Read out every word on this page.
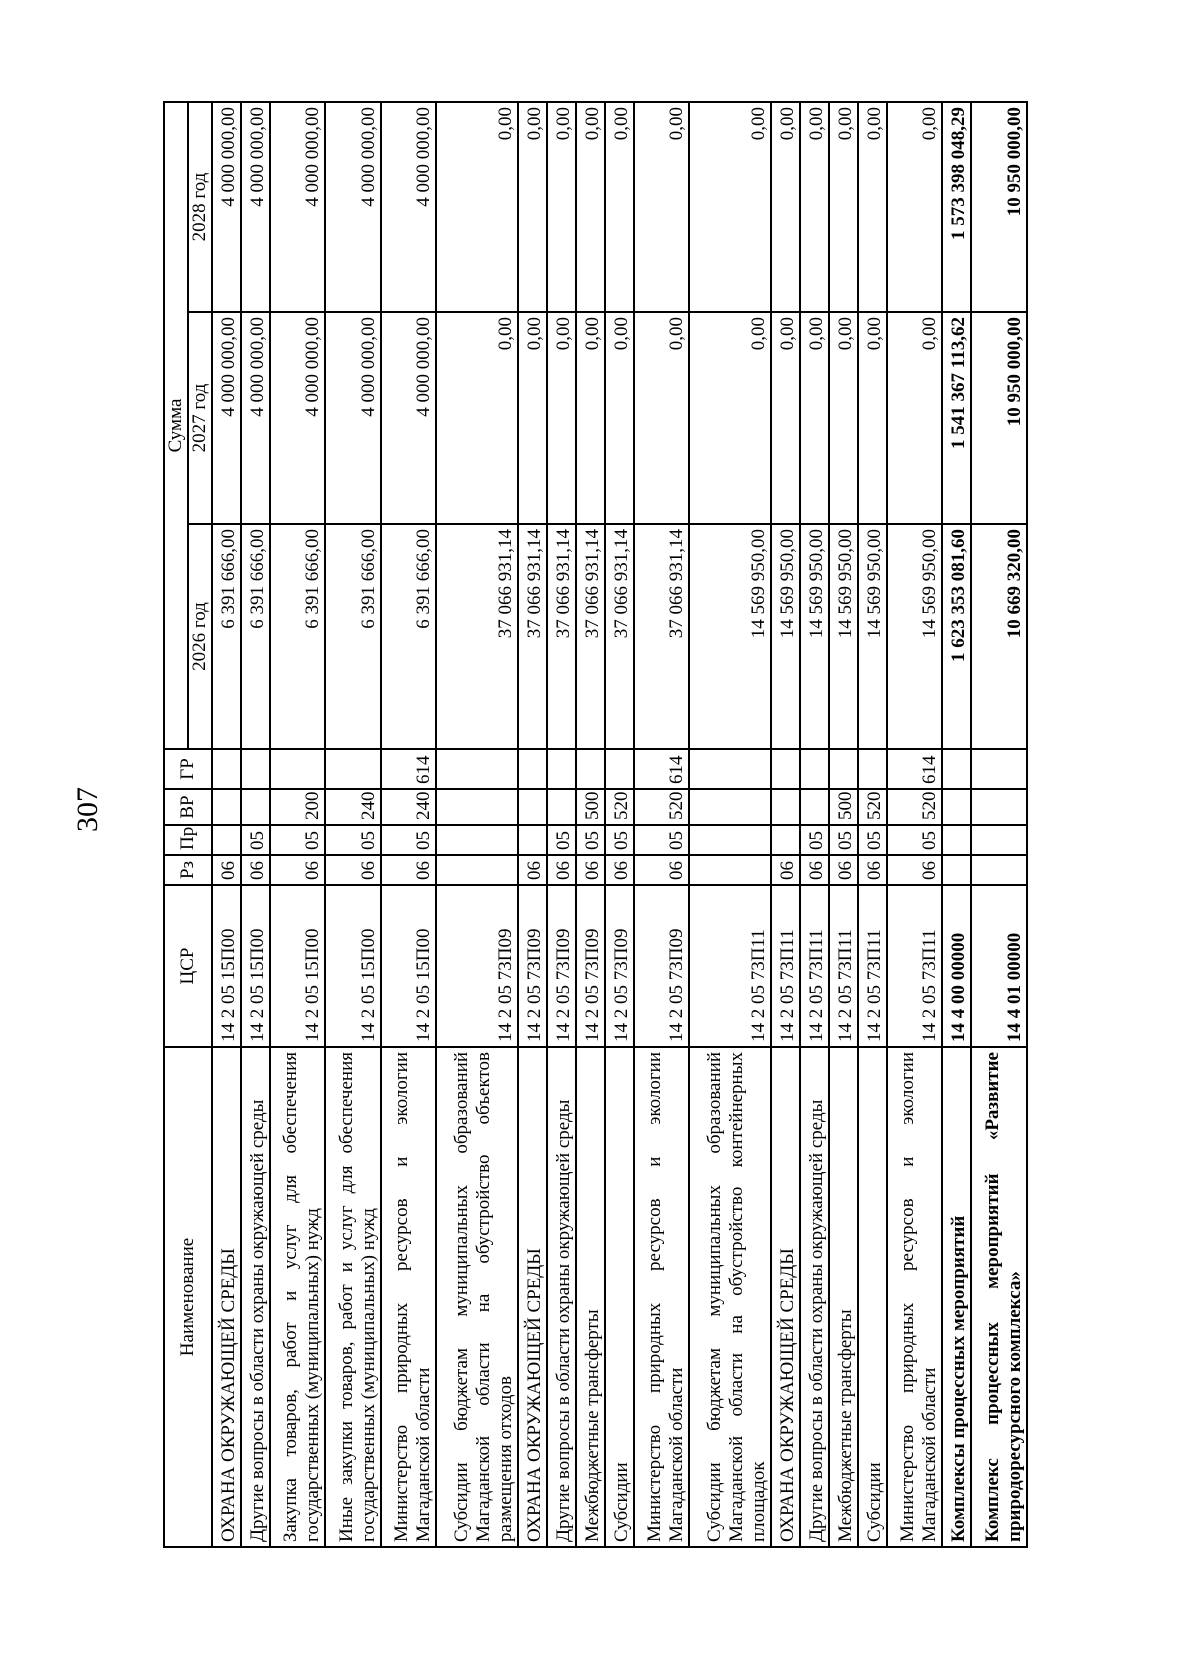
307
Наименование	ЦСР	Рз	Пр	ВР	ГР	Сумма		
						2026 год	2027 год	2028 год
ОХРАНА ОКРУЖАЮЩЕЙ СРЕДЫ	14 2 05 15П00	06				6 391 666,00	4 000 000,00	4 000 000,00
Другие вопросы в области охраны окружающей среды	14 2 05 15П00	06	05			6 391 666,00	4 000 000,00	4 000 000,00
Закупка товаров, работ и услуг для обеспечения государственных (муниципальных) нужд	14 2 05 15П00	06	05	200		6 391 666,00	4 000 000,00	4 000 000,00
Иные закупки товаров, работ и услуг для обеспечения государственных (муниципальных) нужд	14 2 05 15П00	06	05	240		6 391 666,00	4 000 000,00	4 000 000,00
Министерство природных ресурсов и экологии Магаданской области	14 2 05 15П00	06	05	240	614	6 391 666,00	4 000 000,00	4 000 000,00
Субсидии бюджетам муниципальных образований Магаданской области на обустройство объектов размещения отходов	14 2 05 73П09					37 066 931,14	0,00	0,00
ОХРАНА ОКРУЖАЮЩЕЙ СРЕДЫ	14 2 05 73П09	06				37 066 931,14	0,00	0,00
Другие вопросы в области охраны окружающей среды	14 2 05 73П09	06	05			37 066 931,14	0,00	0,00
Межбюджетные трансферты	14 2 05 73П09	06	05	500		37 066 931,14	0,00	0,00
Субсидии	14 2 05 73П09	06	05	520		37 066 931,14	0,00	0,00
Министерство природных ресурсов и экологии Магаданской области	14 2 05 73П09	06	05	520	614	37 066 931,14	0,00	0,00
Субсидии бюджетам муниципальных образований Магаданской области на обустройство контейнерных площадок	14 2 05 73П11					14 569 950,00	0,00	0,00
ОХРАНА ОКРУЖАЮЩЕЙ СРЕДЫ	14 2 05 73П11	06				14 569 950,00	0,00	0,00
Другие вопросы в области охраны окружающей среды	14 2 05 73П11	06	05			14 569 950,00	0,00	0,00
Межбюджетные трансферты	14 2 05 73П11	06	05	500		14 569 950,00	0,00	0,00
Субсидии	14 2 05 73П11	06	05	520		14 569 950,00	0,00	0,00
Министерство природных ресурсов и экологии Магаданской области	14 2 05 73П11	06	05	520	614	14 569 950,00	0,00	0,00
Комплексы процессных мероприятий	14 4 00 00000					1 623 353 081,60	1 541 367 113,62	1 573 398 048,29
Комплекс процессных мероприятий «Развитие природоресурсного комплекса»	14 4 01 00000					10 669 320,00	10 950 000,00	10 950 000,00
